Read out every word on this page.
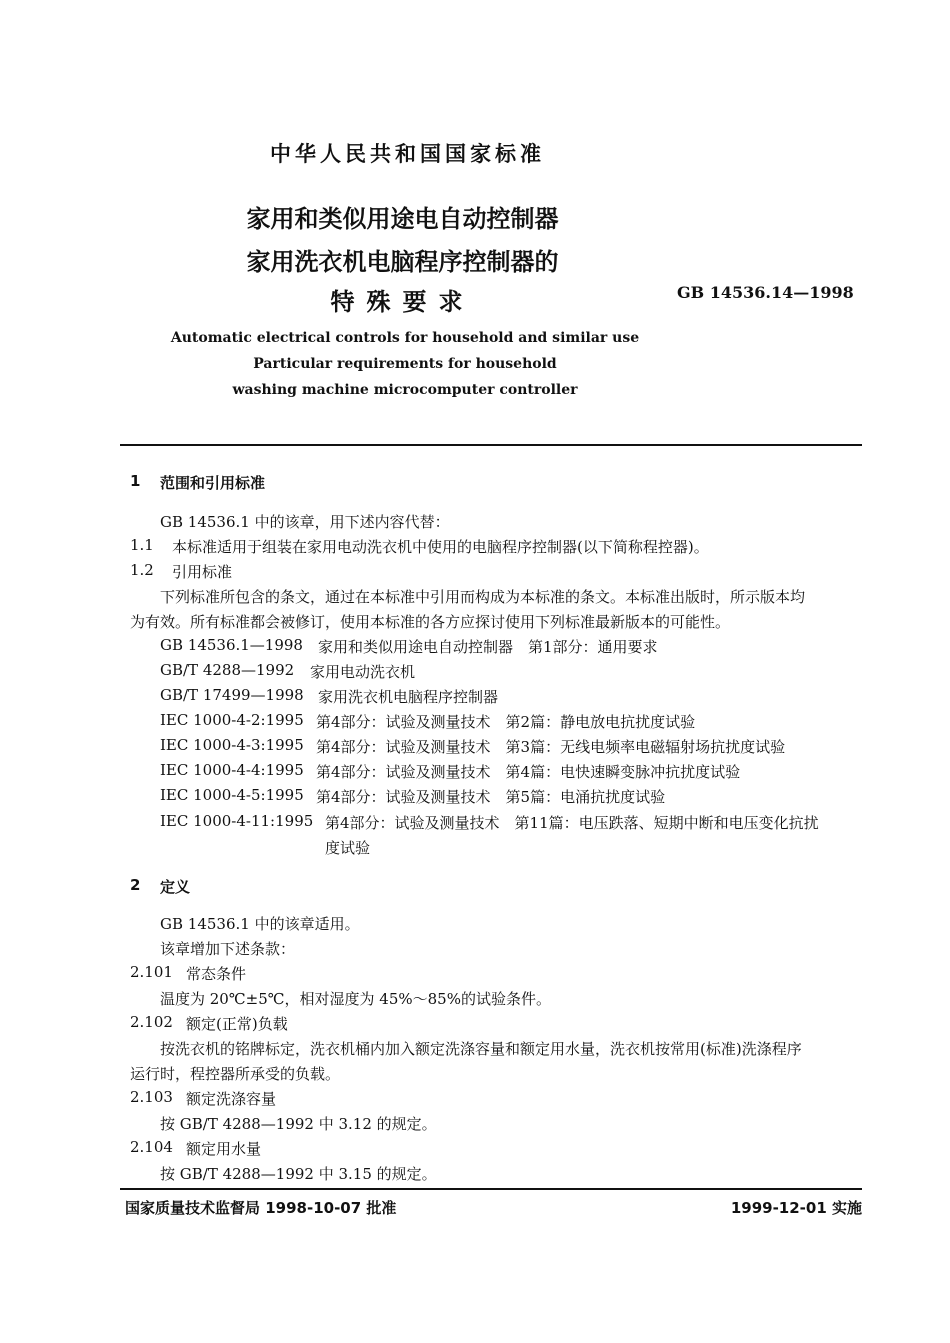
中华人民共和国国家标准
家用和类似用途电自动控制器
家用洗衣机电脑程序控制器的
特殊要求	GB 14536.14—1998
Automatic electrical controls for household and similar use
Particular requirements for household
washing machine microcomputer controller
1 范围和引用标准
GB 14536.1 中的该章，用下述内容代替：
1.1 本标准适用于组装在家用电动洗衣机中使用的电脑程序控制器(以下简称程控器)。
1.2 引用标准
下列标准所包含的条文，通过在本标准中引用而构成为本标准的条文。本标准出版时，所示版本均
为有效。所有标准都会被修订，使用本标准的各方应探讨使用下列标准最新版本的可能性。
GB 14536.1—1998 家用和类似用途电自动控制器　第1部分：通用要求
GB/T 4288—1992 家用电动洗衣机
GB/T 17499—1998 家用洗衣机电脑程序控制器
IEC 1000-4-2:1995 第4部分：试验及测量技术　第2篇：静电放电抗扰度试验
IEC 1000-4-3:1995 第4部分：试验及测量技术　第3篇：无线电频率电磁辐射场抗扰度试验
IEC 1000-4-4:1995 第4部分：试验及测量技术　第4篇：电快速瞬变脉冲抗扰度试验
IEC 1000-4-5:1995 第4部分：试验及测量技术　第5篇：电涌抗扰度试验
IEC 1000-4-11:1995 第4部分：试验及测量技术　第11篇：电压跌落、短期中断和电压变化抗扰
度试验
2 定义
GB 14536.1 中的该章适用。
该章增加下述条款：
2.101 常态条件
温度为 20℃±5℃，相对湿度为 45%～85%的试验条件。
2.102 额定(正常)负载
按洗衣机的铭牌标定，洗衣机桶内加入额定洗涤容量和额定用水量，洗衣机按常用(标准)洗涤程序
运行时，程控器所承受的负载。
2.103 额定洗涤容量
按 GB/T 4288—1992 中 3.12 的规定。
2.104 额定用水量
按 GB/T 4288—1992 中 3.15 的规定。
国家质量技术监督局 1998-10-07 批准	1999-12-01 实施
